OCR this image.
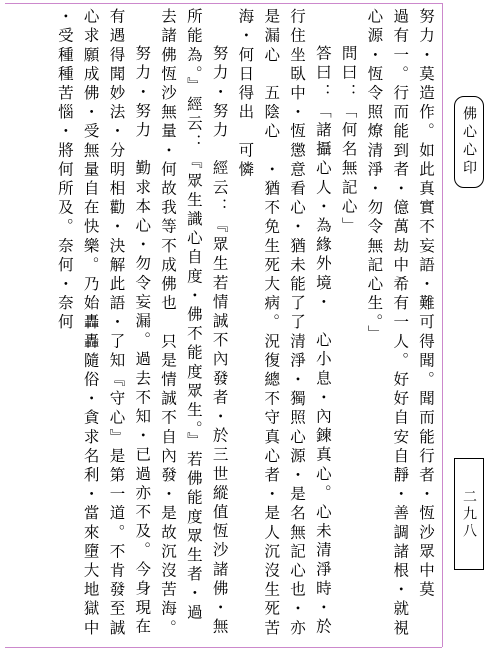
努力・莫造作。如此真實不妄語・難可得聞。聞而能行者・恆沙眾中莫
過有一。行而能到者・億萬劫中希有一人。好好自安自靜・善調諸根・就視
心源・恆令照燎清淨・勿令無記心生。」
問曰：「何名無記心」
答曰：「諸攝心人・為緣外境・　心小息・內鍊真心。心未清淨時・於
行住坐臥中・恆懲意看心・猶未能了了清淨・獨照心源・是名無記心也・亦
是漏心　五陰心　・猶不免生死大病。況復總不守真心者・是人沉沒生死苦
海・何日得出　可憐
努力・努力　經云：『眾生若情誠不內發者・於三世縱值恆沙諸佛・無
所能為。』經云：『眾生識心自度・佛不能度眾生。』若佛能度眾生者・過
去諸佛恆沙無量・何故我等不成佛也　只是情誠不自內發・是故沉沒苦海。
努力・努力　勤求本心・勿令妄漏。過去不知・已過亦不及。今身現在
有遇得聞妙法・分明相勸・決解此語・了知『守心』是第一道。不肯發至誠
心求願成佛・受無量自在快樂。乃始轟轟隨俗・貪求名利・當來墮大地獄中
・受種種苦惱・將何所及。奈何・奈何	佛心心印
二九八
